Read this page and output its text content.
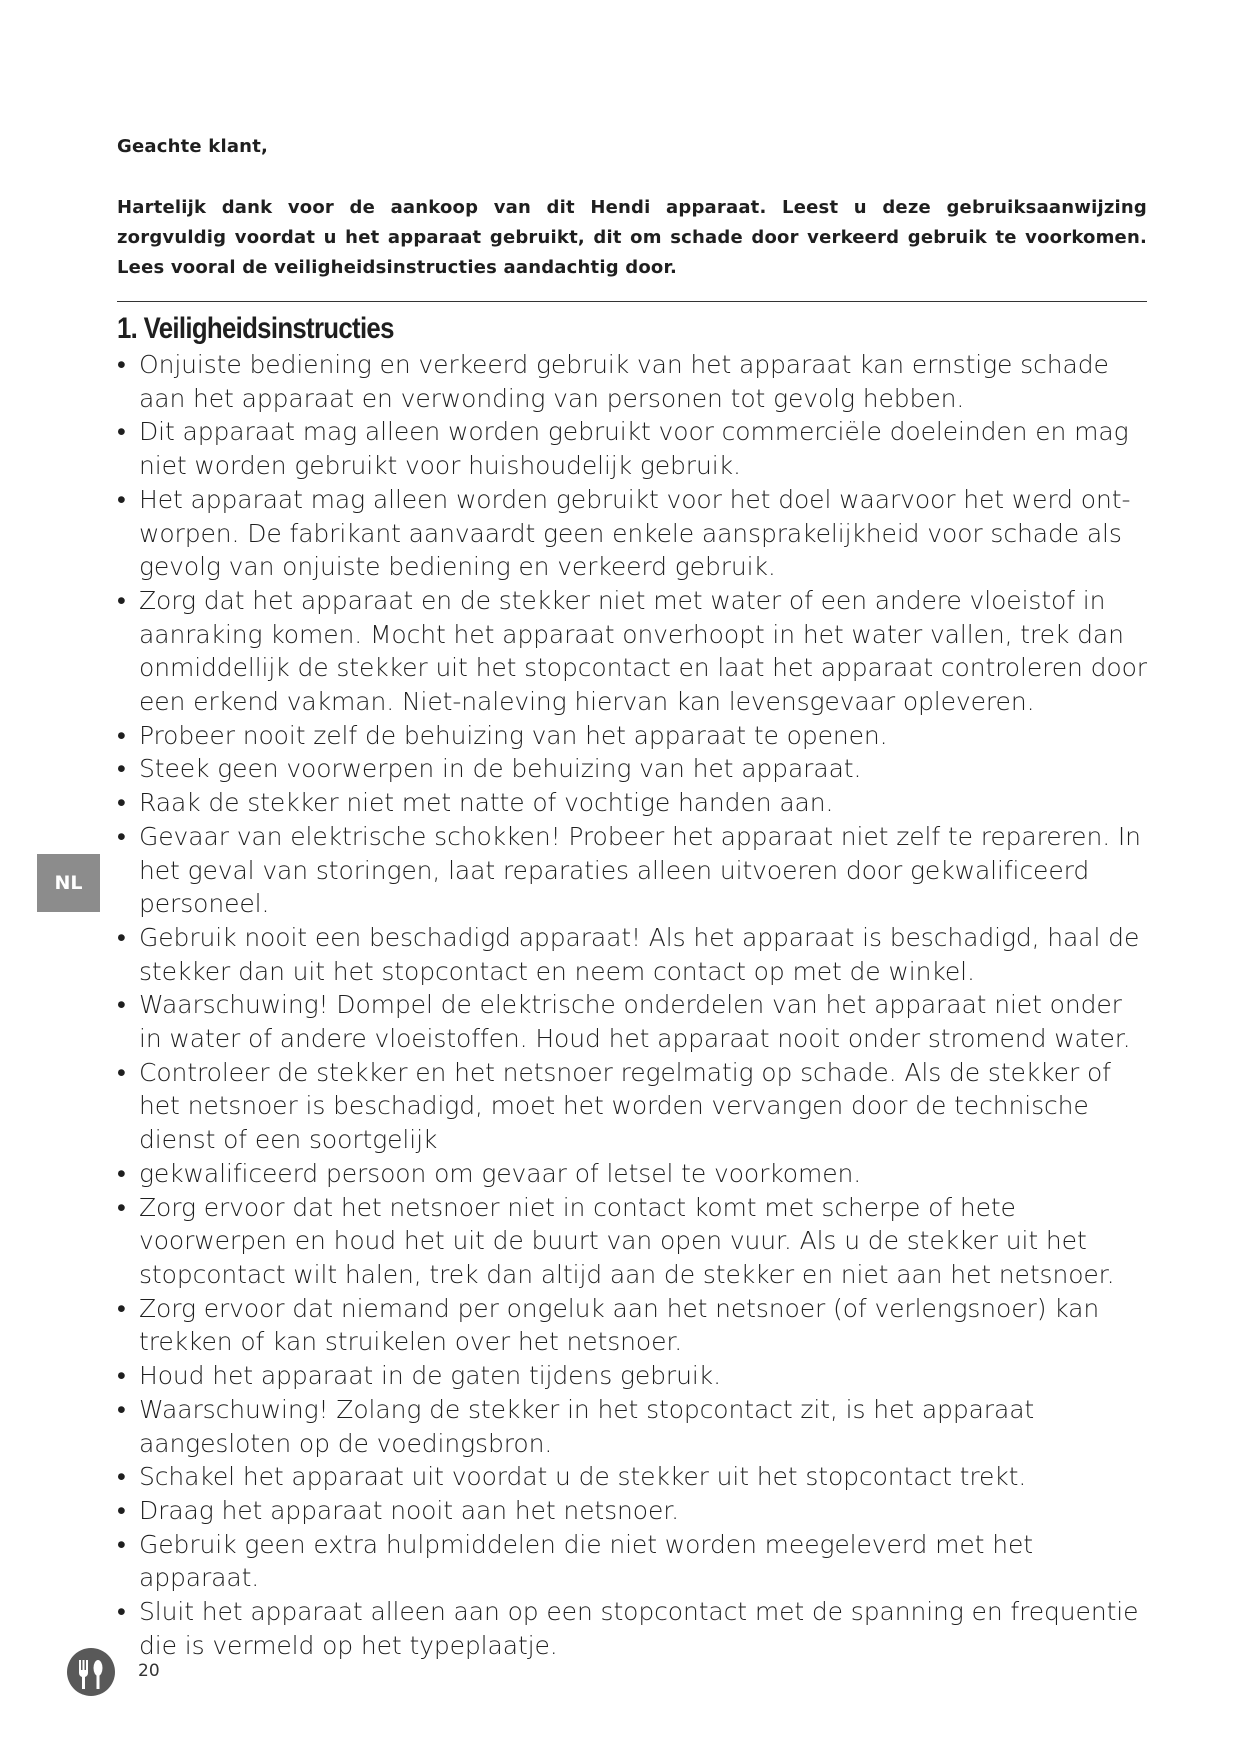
Geachte klant,

Hartelijk dank voor de aankoop van dit Hendi apparaat. Leest u deze gebruiksaanwijzing zorgvuldig voordat u het apparaat gebruikt, dit om schade door verkeerd gebruik te voorkomen. Lees vooral de veiligheidsinstructies aandachtig door.

1. Veiligheidsinstructies
• Onjuiste bediening en verkeerd gebruik van het apparaat kan ernstige schade aan het apparaat en verwonding van personen tot gevolg hebben.
• Dit apparaat mag alleen worden gebruikt voor commerciële doeleinden en mag niet worden gebruikt voor huishoudelijk gebruik.
• Het apparaat mag alleen worden gebruikt voor het doel waarvoor het werd ontworpen. De fabrikant aanvaardt geen enkele aansprakelijkheid voor schade als gevolg van onjuiste bediening en verkeerd gebruik.
• Zorg dat het apparaat en de stekker niet met water of een andere vloeistof in aanraking komen. Mocht het apparaat onverhoopt in het water vallen, trek dan onmiddellijk de stekker uit het stopcontact en laat het apparaat controleren door een erkend vakman. Niet-naleving hiervan kan levensgevaar opleveren.
• Probeer nooit zelf de behuizing van het apparaat te openen.
• Steek geen voorwerpen in de behuizing van het apparaat.
• Raak de stekker niet met natte of vochtige handen aan.
• Gevaar van elektrische schokken! Probeer het apparaat niet zelf te repareren. In het geval van storingen, laat reparaties alleen uitvoeren door gekwalificeerd personeel.
• Gebruik nooit een beschadigd apparaat! Als het apparaat is beschadigd, haal de stekker dan uit het stopcontact en neem contact op met de winkel.
• Waarschuwing! Dompel de elektrische onderdelen van het apparaat niet onder in water of andere vloeistoffen. Houd het apparaat nooit onder stromend water.
• Controleer de stekker en het netsnoer regelmatig op schade. Als de stekker of het netsnoer is beschadigd, moet het worden vervangen door de technische dienst of een soortgelijk
• gekwalificeerd persoon om gevaar of letsel te voorkomen.
• Zorg ervoor dat het netsnoer niet in contact komt met scherpe of hete voorwerpen en houd het uit de buurt van open vuur. Als u de stekker uit het stopcontact wilt halen, trek dan altijd aan de stekker en niet aan het netsnoer.
• Zorg ervoor dat niemand per ongeluk aan het netsnoer (of verlengsnoer) kan trekken of kan struikelen over het netsnoer.
• Houd het apparaat in de gaten tijdens gebruik.
• Waarschuwing! Zolang de stekker in het stopcontact zit, is het apparaat aangesloten op de voedingsbron.
• Schakel het apparaat uit voordat u de stekker uit het stopcontact trekt.
• Draag het apparaat nooit aan het netsnoer.
• Gebruik geen extra hulpmiddelen die niet worden meegeleverd met het apparaat.
• Sluit het apparaat alleen aan op een stopcontact met de spanning en frequentie die is vermeld op het typeplaatje.
NL
20
